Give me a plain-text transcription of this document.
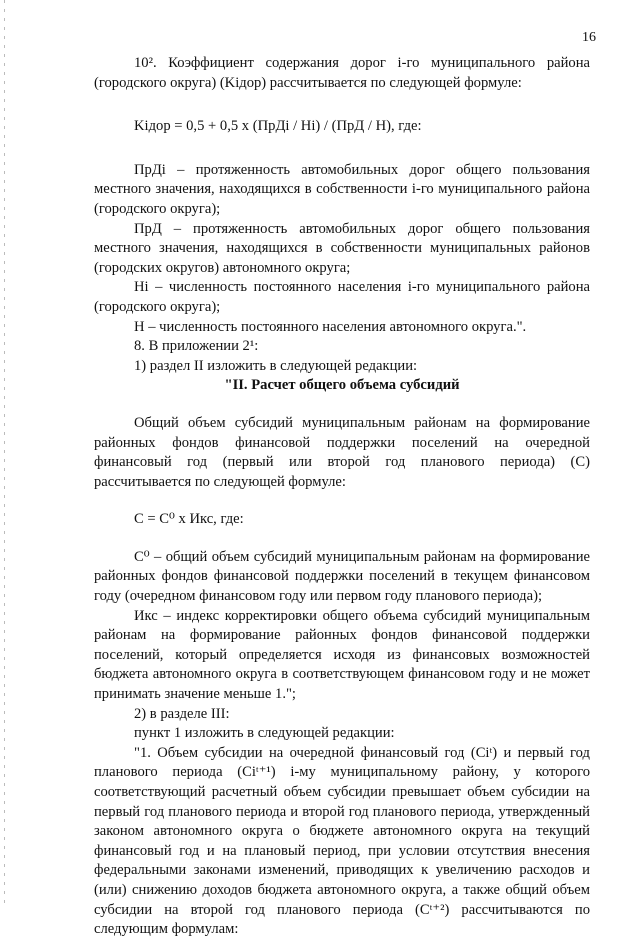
16

10². Коэффициент содержания дорог i-го муниципального района (городского округа) (Kiдор) рассчитывается по следующей формуле:

Kiдор = 0,5 + 0,5 x (ПрДi / Нi) / (ПрД / Н), где:

ПрДi – протяженность автомобильных дорог общего пользования местного значения, находящихся в собственности i-го муниципального района (городского округа);

ПрД – протяженность автомобильных дорог общего пользования местного значения, находящихся в собственности муниципальных районов (городских округов) автономного округа;

Нi – численность постоянного населения i-го муниципального района (городского округа);

Н – численность постоянного населения автономного округа.".

8. В приложении 2¹:

1) раздел II изложить в следующей редакции:

"II. Расчет общего объема субсидий

Общий объем субсидий муниципальным районам на формирование районных фондов финансовой поддержки поселений на очередной финансовый год (первый или второй год планового периода) (С) рассчитывается по следующей формуле:

С = С⁰ x Икс, где:

С⁰ – общий объем субсидий муниципальным районам на формирование районных фондов финансовой поддержки поселений в текущем финансовом году (очередном финансовом году или первом году планового периода);

Икс – индекс корректировки общего объема субсидий муниципальным районам на формирование районных фондов финансовой поддержки поселений, который определяется исходя из финансовых возможностей бюджета автономного округа в соответствующем финансовом году и не может принимать значение меньше 1.";

2) в разделе III:

пункт 1 изложить в следующей редакции:

"1. Объем субсидии на очередной финансовый год (Ciᵗ) и первый год планового периода (Ciᵗ⁺¹) i-му муниципальному району, у которого соответствующий расчетный объем субсидии превышает объем субсидии на первый год планового периода и второй год планового периода, утвержденный законом автономного округа о бюджете автономного округа на текущий финансовый год и на плановый период, при условии отсутствия внесения федеральными законами изменений, приводящих к увеличению расходов и (или) снижению доходов бюджета автономного округа, а также общий объем субсидии на второй год планового периода (Cᵗ⁺²) рассчитываются по следующим формулам:
